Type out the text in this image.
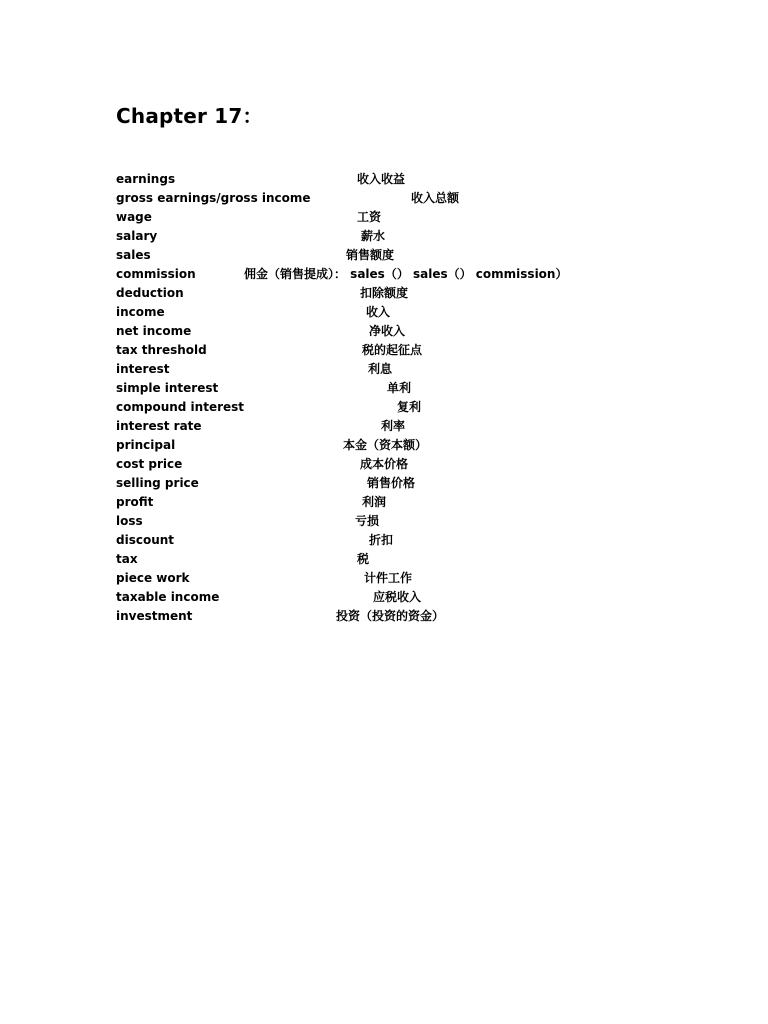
Chapter 17：
earnings	收入收益
gross earnings/gross income	收入总额
wage	工资
salary	薪水
sales	销售额度
commission	佣金（销售提成）： sales（） sales（） commission）
deduction	扣除额度
income	收入
net income	净收入
tax threshold	税的起征点
interest	利息
simple interest	单利
compound interest	复利
interest rate	利率
principal	本金（资本额）
cost price	成本价格
selling price	销售价格
profit	利润
loss	亏损
discount	折扣
tax	税
piece work	计件工作
taxable income	应税收入
investment	投资（投资的资金）
